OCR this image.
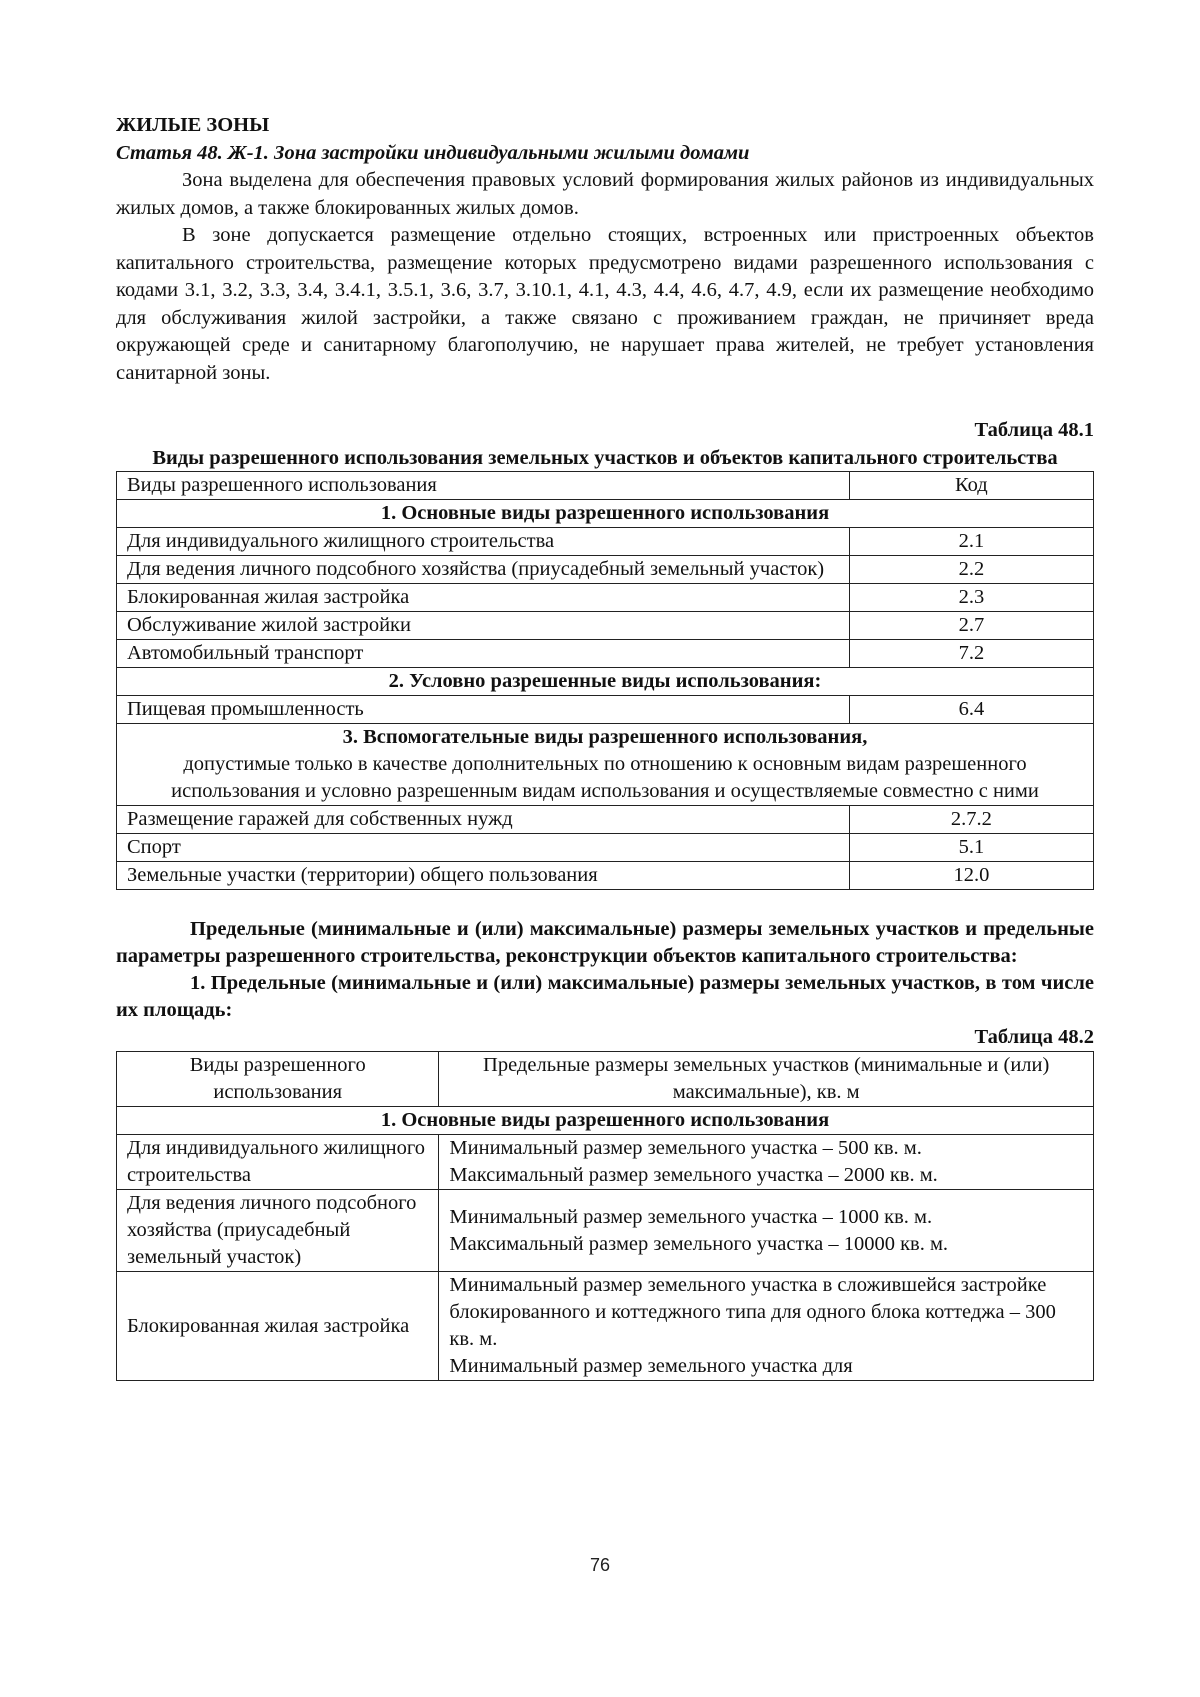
ЖИЛЫЕ ЗОНЫ

Статья 48. Ж-1. Зона застройки индивидуальными жилыми домами

Зона выделена для обеспечения правовых условий формирования жилых районов из индивидуальных жилых домов, а также блокированных жилых домов.

В зоне допускается размещение отдельно стоящих, встроенных или пристроенных объектов капитального строительства, размещение которых предусмотрено видами разрешенного использования с кодами 3.1, 3.2, 3.3, 3.4, 3.4.1, 3.5.1, 3.6, 3.7, 3.10.1, 4.1, 4.3, 4.4, 4.6, 4.7, 4.9, если их размещение необходимо для обслуживания жилой застройки, а также связано с проживанием граждан, не причиняет вреда окружающей среде и санитарному благополучию, не нарушает права жителей, не требует установления санитарной зоны.

Таблица 48.1

Виды разрешенного использования земельных участков и объектов капитального строительства

Виды разрешенного использования	Код
1. Основные виды разрешенного использования	
Для индивидуального жилищного строительства	2.1
Для ведения личного подсобного хозяйства (приусадебный земельный участок)	2.2
Блокированная жилая застройка	2.3
Обслуживание жилой застройки	2.7
Автомобильный транспорт	7.2
2. Условно разрешенные виды использования:	
Пищевая промышленность	6.4
3. Вспомогательные виды разрешенного использования,
допустимые только в качестве дополнительных по отношению к основным видам разрешенного использования и условно разрешенным видам использования и осуществляемые совместно с ними	

Размещение гаражей для собственных нужд	2.7.2
Спорт	5.1
Земельные участки (территории) общего пользования	12.0

Предельные (минимальные и (или) максимальные) размеры земельных участков и предельные параметры разрешенного строительства, реконструкции объектов капитального строительства:

1. Предельные (минимальные и (или) максимальные) размеры земельных участков, в том числе их площадь:

Таблица 48.2

Виды разрешенного использования	Предельные размеры земельных участков (минимальные и (или) максимальные), кв. м
1. Основные виды разрешенного использования	
Для индивидуального жилищного строительства	Минимальный размер земельного участка – 500 кв. м.
Максимальный размер земельного участка – 2000 кв. м.

Для ведения личного подсобного хозяйства (приусадебный земельный участок)	Минимальный размер земельного участка – 1000 кв. м.
Максимальный размер земельного участка – 10000 кв. м.

Блокированная жилая застройка	Минимальный размер земельного участка в сложившейся застройке блокированного и коттеджного типа для одного блока коттеджа – 300 кв. м.
Минимальный размер земельного участка для
76
